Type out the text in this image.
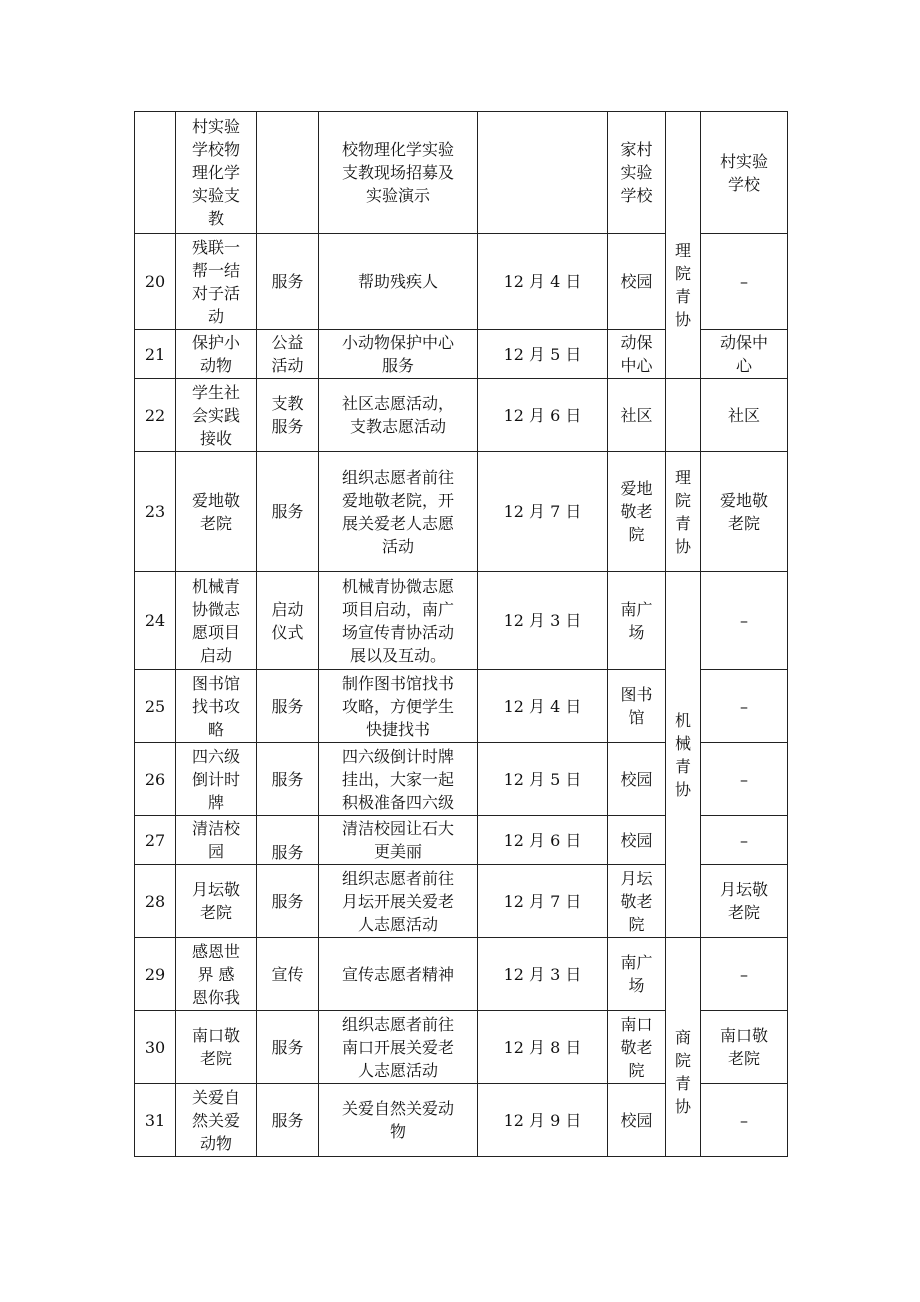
	村实验
学校物
理化学
实验支
教		校物理化学实验
支教现场招募及
实验演示		家村
实验
学校	理
院
青
协	村实验
学校
20	残联一
帮一结
对子活
动	服务	帮助残疾人	12 月 4 日	校园		–
21	保护小
动物	公益
活动	小动物保护中心
服务	12 月 5 日	动保
中心		动保中
心
22	学生社
会实践
接收	支教
服务	社区志愿活动，
支教志愿活动	12 月 6 日	社区		社区
23	爱地敬
老院	服务	组织志愿者前往
爱地敬老院，开
展关爱老人志愿
活动	12 月 7 日	爱地
敬老
院	理
院
青
协	爱地敬
老院
24	机械青
协微志
愿项目
启动	启动
仪式	机械青协微志愿
项目启动，南广
场宣传青协活动
展以及互动。	12 月 3 日	南广
场	机
械
青
协	–
25	图书馆
找书攻
略	服务	制作图书馆找书
攻略，方便学生
快捷找书	12 月 4 日	图书
馆		–
26	四六级
倒计时
牌	服务	四六级倒计时牌
挂出，大家一起
积极准备四六级	12 月 5 日	校园		–
27	清洁校
园	服务	清洁校园让石大
更美丽	12 月 6 日	校园		–
28	月坛敬
老院	服务	组织志愿者前往
月坛开展关爱老
人志愿活动	12 月 7 日	月坛
敬老
院		月坛敬
老院
29	感恩世
界 感
恩你我	宣传	宣传志愿者精神	12 月 3 日	南广
场	商
院
青
协	–
30	南口敬
老院	服务	组织志愿者前往
南口开展关爱老
人志愿活动	12 月 8 日	南口
敬老
院		南口敬
老院
31	关爱自
然关爱
动物	服务	关爱自然关爱动
物	12 月 9 日	校园		–
